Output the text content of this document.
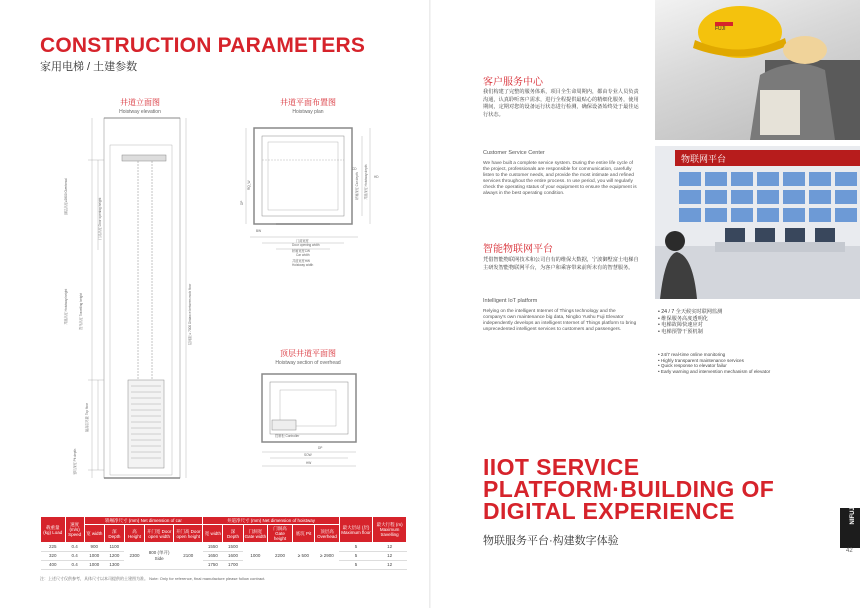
CONSTRUCTION PARAMETERS
家用电梯 / 土建参数
井道立面图
Hoistway elevation
顶层高度≥2800 Overhead
门洞高度 Door opening height
提升高度 Travelling height
底坑深度 Pit depth
最高层站距 Top floor
井道高度 Hoistway height	层间距 ≥ 7000 Distance between each floor
井道平面布置图
Hoistway plan
门洞宽度
Door opening width
轿厢宽度CW
Car width
井道宽度HW
Hoistway width
轿厢深度 Car depth	井道深度 Hoistway depth
CD
HD
DP
RQ_W
BW
顶层井道平面图
Hoistway section of overhead
控制柜 Controller
DP
SOW
HW
载重量 (kg) Load	速度 (m/s) Speed	轿厢净尺寸 (mm) Net dimension of car					井道净尺寸 (mm) Net dimension of hoistway						最大层站 (层) Maximum floor	最大行程 (m) Maximum travelling
		宽 width	深 Depth	高 Height	开门宽 Door open width	开门高 Door open height	宽 width	深 Depth	门洞宽 Gate width	门洞高 Gate height	底坑 Pit	顶层高 Overhead		
225	0.4	900	1100	2300	800 (单开) Side	2100	1550	1500	1000	2200	≥ 500	≥ 2900	5	12
320	0.4	1000	1200				1650	1600					5	12
400	0.4	1000	1300				1750	1700					5	12
注：上述尺寸仅供参考，具体尺寸以本司提供的土建图为准。 Note: Only for reference, final manufacture please follow contract.
FUJI
物联网平台
客户服务中心
我们构建了完整的服务体系，项目全生命周期内，都由专业人员负责沟通，认真聆听客户需求，进行全程提供最贴心的精细化服务，使用期间，定期对您的设备运行状态进行检测，确保设备始终处于最佳运行状态。
Customer Service Center
We have built a complete service system. During the entire life cycle of the project, professionals are responsible for communication, carefully listen to the customer needs, and provide the most intimate and refined services throughout the entire process. In use period, you will regularly check the operating status of your equipment to ensure the equipment is always in the best operating condition.
智能物联网平台
凭借智能物联网技术和公司自有的维保大数据，宁波御墅富士电梯自主研发智能物联网平台，为客户和乘客带来前所未有的智慧服务。
Intelligent IoT platform
Relying on the intelligent Internet of Things technology and the company's own maintenance big data, Ningbo Yushu Fuji Elevator independently develops an intelligent Internet of Things platform to bring unprecedented intelligent services to customers and passengers.
• 24 / 7 全天候实时联网监测
• 维保服务高度透明化
• 电梯故障快速应对
• 电梯预警干预机制
• 24/7 real-time online monitoring
• Highly transparent maintenance services
• Quick response to elevator failur
• Early warning and intervention mechanism of elevator
IIOT SERVICE
PLATFORM·BUILDING OF
DIGITAL EXPERIENCE
物联服务平台·构建数字体验
NIFUJI
42
